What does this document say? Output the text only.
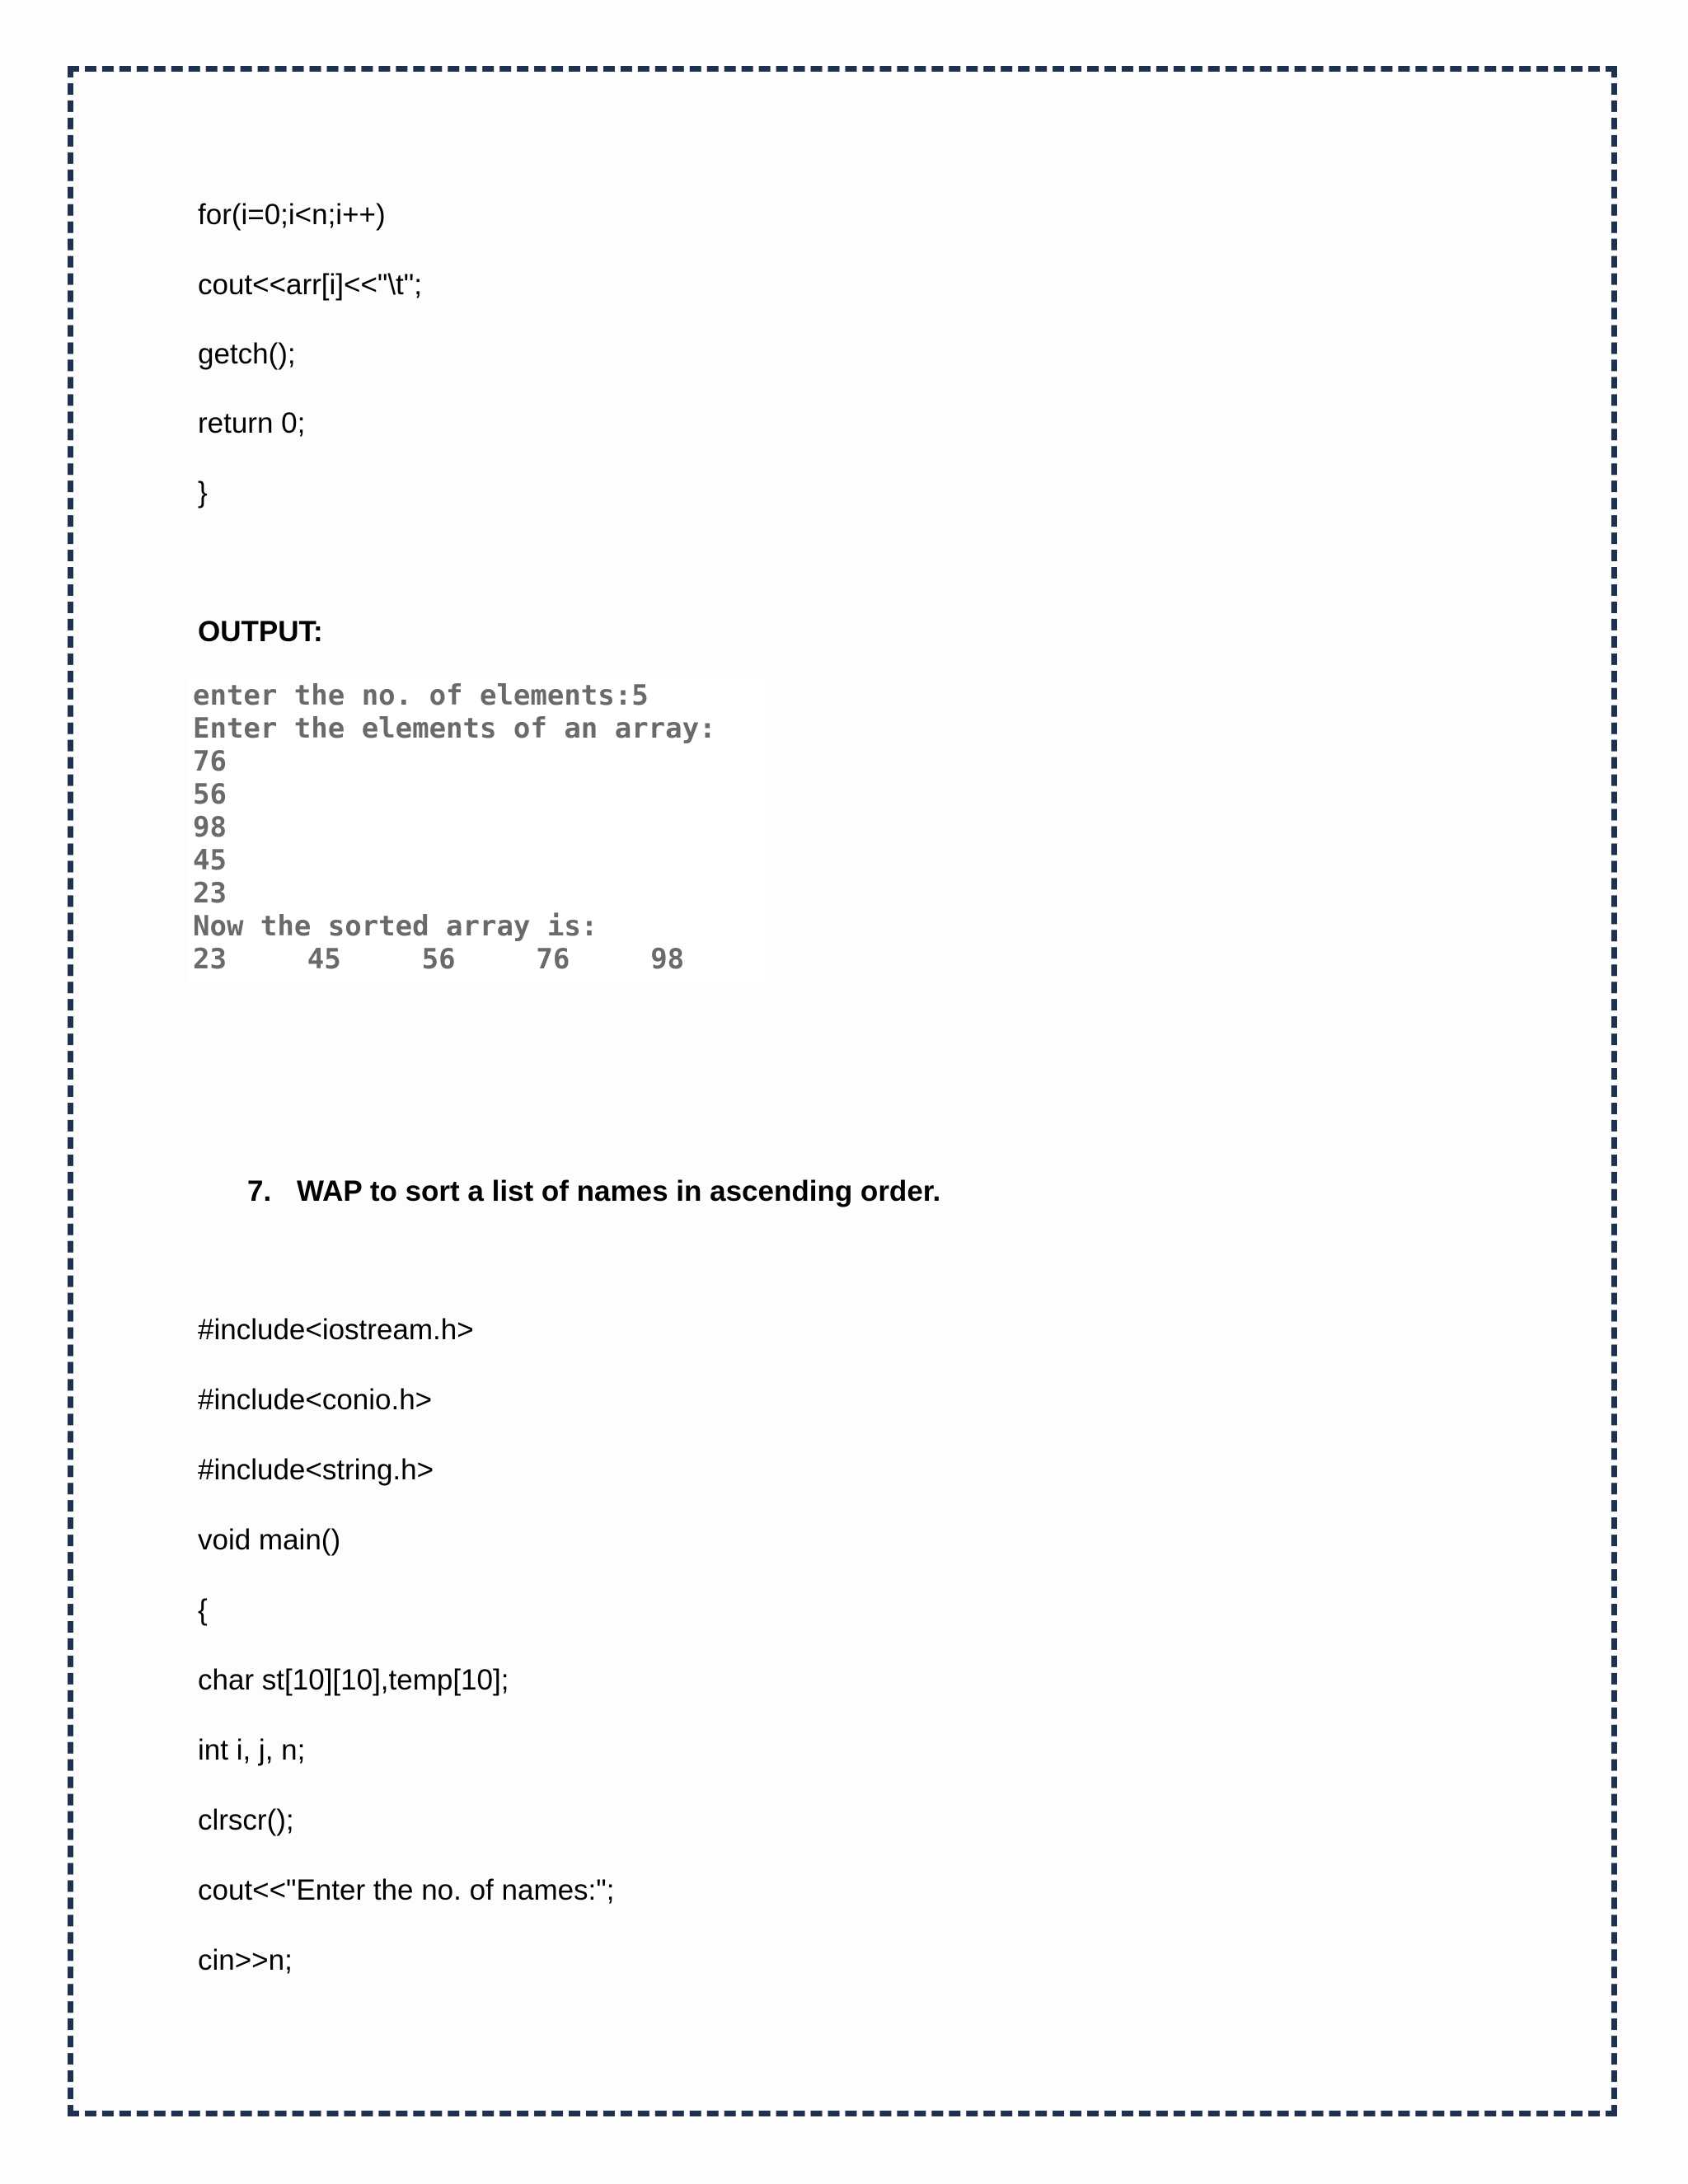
for(i=0;i<n;i++)
cout<<arr[i]<<"\t";
getch();
return 0;
}
OUTPUT:
enter the no. of elements:5
Enter the elements of an array:
76
56
98
45
23
Now the sorted array is:
23	45	56	76	98
7. WAP to sort a list of names in ascending order.
#include<iostream.h>
#include<conio.h>
#include<string.h>
void main()
{
char st[10][10],temp[10];
int i, j, n;
clrscr();
cout<<"Enter the no. of names:";
cin>>n;
